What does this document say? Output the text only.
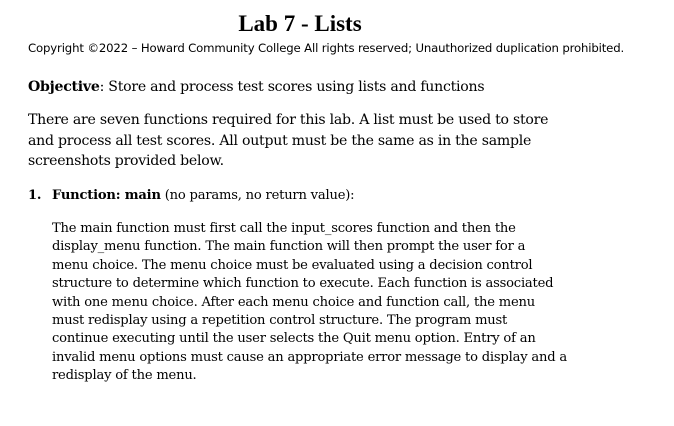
Lab 7 - Lists
Copyright ©2022 – Howard Community College All rights reserved; Unauthorized duplication prohibited.
Objective: Store and process test scores using lists and functions
There are seven functions required for this lab. A list must be used to store
and process all test scores. All output must be the same as in the sample
screenshots provided below.
1. Function: main (no params, no return value):
The main function must first call the input_scores function and then the
display_menu function. The main function will then prompt the user for a
menu choice. The menu choice must be evaluated using a decision control
structure to determine which function to execute. Each function is associated
with one menu choice. After each menu choice and function call, the menu
must redisplay using a repetition control structure. The program must
continue executing until the user selects the Quit menu option. Entry of an
invalid menu options must cause an appropriate error message to display and a
redisplay of the menu.
